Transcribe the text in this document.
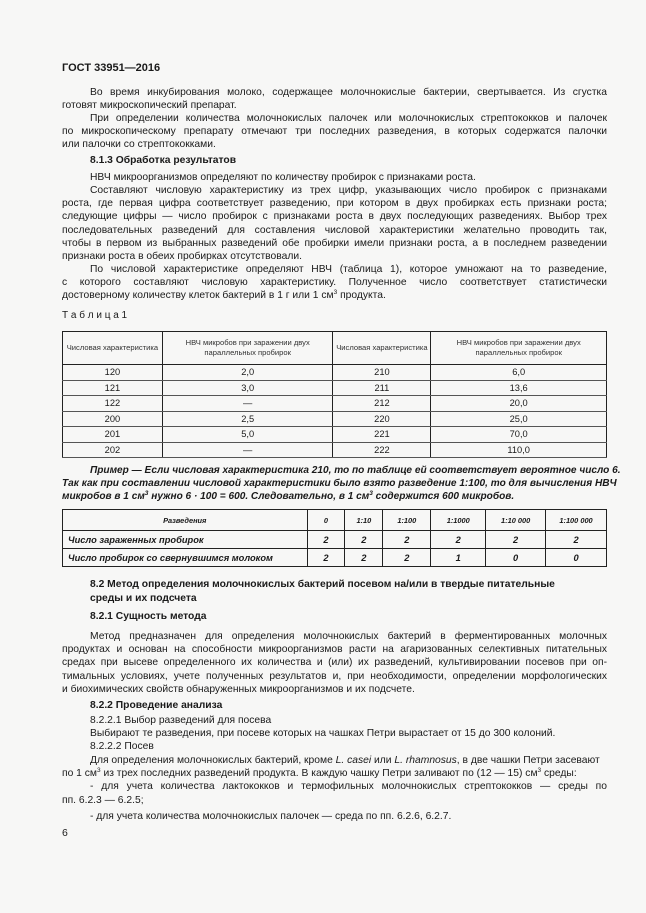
ГОСТ 33951—2016
Во время инкубирования молоко, содержащее молочнокислые бактерии, свертывается. Из сгустка
готовят микроскопический препарат.
При определении количества молочнокислых палочек или молочнокислых стрептококков и палочек
по микроскопическому препарату отмечают три последних разведения, в которых содержатся палочки
или палочки со стрептококками.
8.1.3 Обработка результатов
НВЧ микроорганизмов определяют по количеству пробирок с признаками роста.
Составляют числовую характеристику из трех цифр, указывающих число пробирок с признаками
роста, где первая цифра соответствует разведению, при котором в двух пробирках есть признаки роста;
следующие цифры — число пробирок с признаками роста в двух последующих разведениях. Выбор трех
последовательных разведений для составления числовой характеристики желательно проводить так,
чтобы в первом из выбранных разведений обе пробирки имели признаки роста, а в последнем разведении
признаки роста в обеих пробирках отсутствовали.
По числовой характеристике определяют НВЧ (таблица 1), которое умножают на то разведение,
с которого составляют числовую характеристику. Полученное число соответствует статистически
достоверному количеству клеток бактерий в 1 г или 1 $см^3$ продукта.
Т а б л и ц а 1
Числовая характеристика	НВЧ микробов при заражении двух параллельных пробирок	Числовая характеристика	НВЧ микробов при заражении двух параллельных пробирок
120	2,0	210	6,0
121	3,0	211	13,6
122	—	212	20,0
200	2,5	220	25,0
201	5,0	221	70,0
202	—	222	110,0
Пример — Если числовая характеристика 210, то по таблице ей соответствует вероятное число 6.
Так как при составлении числовой характеристики было взято разведение 1:100, то для вычисления НВЧ
микробов в 1 $см^3$ нужно 6 · 100 = 600. Следовательно, в 1 $см^3$ содержится 600 микробов.
Разведения	0	1:10	1:100	1:1000	1:10 000	1:100 000
Число зараженных пробирок	2	2	2	2	2	2
Число пробирок со свернувшимся молоком	2	2	2	1	0	0
8.2 Метод определения молочнокислых бактерий посевом на/или в твердые питательные
среды и их подсчета
8.2.1 Сущность метода
Метод предназначен для определения молочнокислых бактерий в ферментированных молочных
продуктах и основан на способности микроорганизмов расти на агаризованных селективных питательных
средах при высеве определенного их количества и (или) их разведений, культивировании посевов при оп-
тимальных условиях, учете полученных результатов и, при необходимости, определении морфологических
и биохимических свойств обнаруженных микроорганизмов и их подсчете.
8.2.2 Проведение анализа
8.2.2.1 Выбор разведений для посева
Выбирают те разведения, при посеве которых на чашках Петри вырастает от 15 до 300 колоний.
8.2.2.2 Посев
Для определения молочнокислых бактерий, кроме L. casei или L. rhamnosus, в две чашки Петри засевают
по 1 $см^3$ из трех последних разведений продукта. В каждую чашку Петри заливают по (12 — 15) $см^3$ среды:
- для учета количества лактококков и термофильных молочнокислых стрептококков — среды по
пп. 6.2.3 — 6.2.5;
- для учета количества молочнокислых палочек — среда по пп. 6.2.6, 6.2.7.
6
